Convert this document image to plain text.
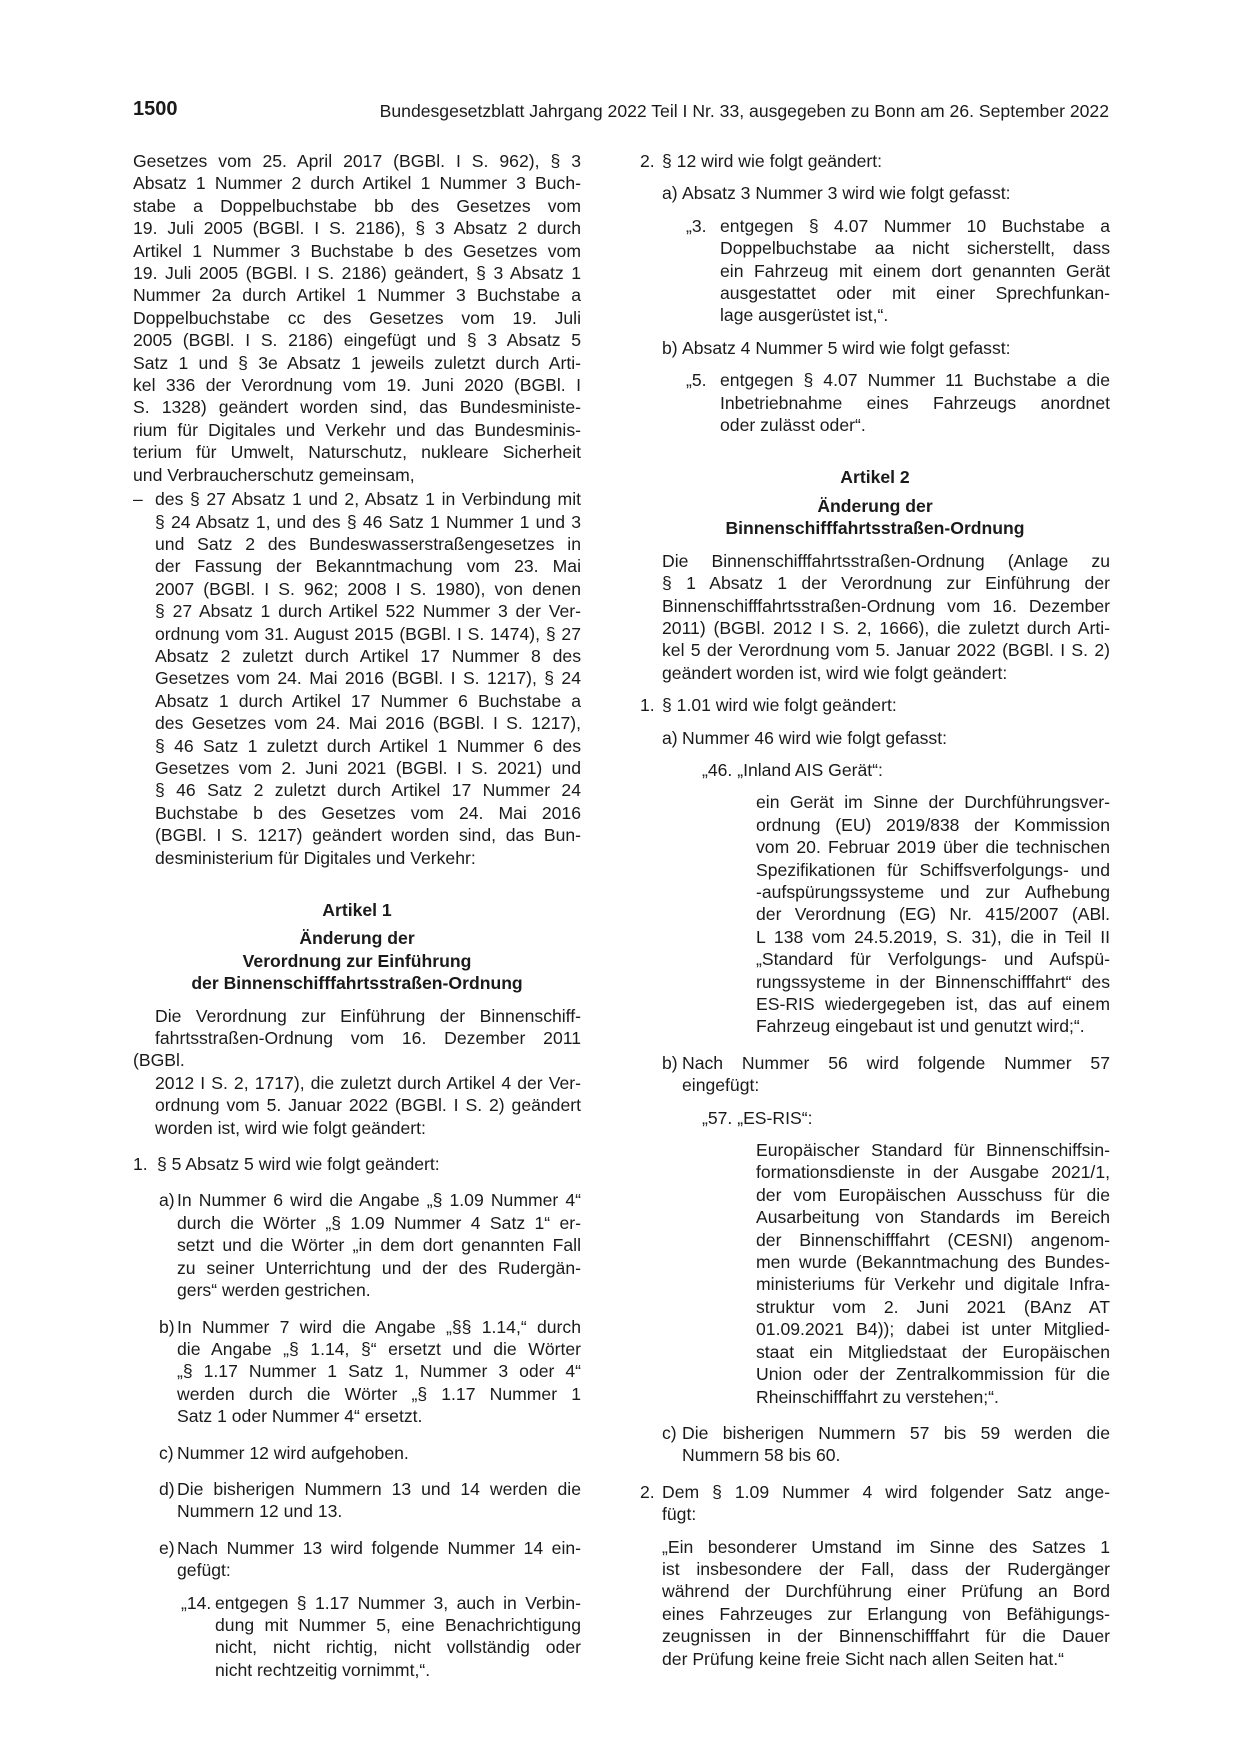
1500	Bundesgesetzblatt Jahrgang 2022 Teil I Nr. 33, ausgegeben zu Bonn am 26. September 2022
Gesetzes vom 25. April 2017 (BGBl. I S. 962), § 3
Absatz 1 Nummer 2 durch Artikel 1 Nummer 3 Buch-
stabe a Doppelbuchstabe bb des Gesetzes vom
19. Juli 2005 (BGBl. I S. 2186), § 3 Absatz 2 durch
Artikel 1 Nummer 3 Buchstabe b des Gesetzes vom
19. Juli 2005 (BGBl. I S. 2186) geändert, § 3 Absatz 1
Nummer 2a durch Artikel 1 Nummer 3 Buchstabe a
Doppelbuchstabe cc des Gesetzes vom 19. Juli
2005 (BGBl. I S. 2186) eingefügt und § 3 Absatz 5
Satz 1 und § 3e Absatz 1 jeweils zuletzt durch Arti-
kel 336 der Verordnung vom 19. Juni 2020 (BGBl. I
S. 1328) geändert worden sind, das Bundesministe-
rium für Digitales und Verkehr und das Bundesminis-
terium für Umwelt, Naturschutz, nukleare Sicherheit
und Verbraucherschutz gemeinsam,
– des § 27 Absatz 1 und 2, Absatz 1 in Verbindung mit
§ 24 Absatz 1, und des § 46 Satz 1 Nummer 1 und 3
und Satz 2 des Bundeswasserstraßengesetzes in
der Fassung der Bekanntmachung vom 23. Mai
2007 (BGBl. I S. 962; 2008 I S. 1980), von denen
§ 27 Absatz 1 durch Artikel 522 Nummer 3 der Ver-
ordnung vom 31. August 2015 (BGBl. I S. 1474), § 27
Absatz 2 zuletzt durch Artikel 17 Nummer 8 des
Gesetzes vom 24. Mai 2016 (BGBl. I S. 1217), § 24
Absatz 1 durch Artikel 17 Nummer 6 Buchstabe a
des Gesetzes vom 24. Mai 2016 (BGBl. I S. 1217),
§ 46 Satz 1 zuletzt durch Artikel 1 Nummer 6 des
Gesetzes vom 2. Juni 2021 (BGBl. I S. 2021) und
§ 46 Satz 2 zuletzt durch Artikel 17 Nummer 24
Buchstabe b des Gesetzes vom 24. Mai 2016
(BGBl. I S. 1217) geändert worden sind, das Bun-
desministerium für Digitales und Verkehr:

Artikel 1

Änderung der
Verordnung zur Einführung
der Binnenschifffahrtsstraßen-Ordnung
Die Verordnung zur Einführung der Binnenschiff-
fahrtsstraßen-Ordnung vom 16. Dezember 2011 (BGBl.
2012 I S. 2, 1717), die zuletzt durch Artikel 4 der Ver-
ordnung vom 5. Januar 2022 (BGBl. I S. 2) geändert
worden ist, wird wie folgt geändert:
1. § 5 Absatz 5 wird wie folgt geändert:
a) In Nummer 6 wird die Angabe „§ 1.09 Nummer 4“
durch die Wörter „§ 1.09 Nummer 4 Satz 1“ er-
setzt und die Wörter „in dem dort genannten Fall
zu seiner Unterrichtung und der des Rudergän-
gers“ werden gestrichen.
b) In Nummer 7 wird die Angabe „§§ 1.14,“ durch
die Angabe „§ 1.14, §“ ersetzt und die Wörter
„§ 1.17 Nummer 1 Satz 1, Nummer 3 oder 4“
werden durch die Wörter „§ 1.17 Nummer 1
Satz 1 oder Nummer 4“ ersetzt.
c) Nummer 12 wird aufgehoben.
d) Die bisherigen Nummern 13 und 14 werden die
Nummern 12 und 13.
e) Nach Nummer 13 wird folgende Nummer 14 ein-
gefügt:
„14. entgegen § 1.17 Nummer 3, auch in Verbin-
dung mit Nummer 5, eine Benachrichtigung
nicht, nicht richtig, nicht vollständig oder
nicht rechtzeitig vornimmt,“.
2. § 12 wird wie folgt geändert:
a) Absatz 3 Nummer 3 wird wie folgt gefasst:
„3. entgegen § 4.07 Nummer 10 Buchstabe a
Doppelbuchstabe aa nicht sicherstellt, dass
ein Fahrzeug mit einem dort genannten Gerät
ausgestattet oder mit einer Sprechfunkan-
lage ausgerüstet ist,“.
b) Absatz 4 Nummer 5 wird wie folgt gefasst:
„5. entgegen § 4.07 Nummer 11 Buchstabe a die
Inbetriebnahme eines Fahrzeugs anordnet
oder zulässt oder“.

Artikel 2

Änderung der
Binnenschifffahrtsstraßen-Ordnung
Die Binnenschifffahrtsstraßen-Ordnung (Anlage zu
§ 1 Absatz 1 der Verordnung zur Einführung der
Binnenschifffahrtsstraßen-Ordnung vom 16. Dezember
2011) (BGBl. 2012 I S. 2, 1666), die zuletzt durch Arti-
kel 5 der Verordnung vom 5. Januar 2022 (BGBl. I S. 2)
geändert worden ist, wird wie folgt geändert:
1. § 1.01 wird wie folgt geändert:
a) Nummer 46 wird wie folgt gefasst:
„46. „Inland AIS Gerät“:
ein Gerät im Sinne der Durchführungsver-
ordnung (EU) 2019/838 der Kommission
vom 20. Februar 2019 über die technischen
Spezifikationen für Schiffsverfolgungs- und
-aufspürungssysteme und zur Aufhebung
der Verordnung (EG) Nr. 415/2007 (ABl.
L 138 vom 24.5.2019, S. 31), die in Teil II
„Standard für Verfolgungs- und Aufspü-
rungssysteme in der Binnenschifffahrt“ des
ES-RIS wiedergegeben ist, das auf einem
Fahrzeug eingebaut ist und genutzt wird;“.
b) Nach Nummer 56 wird folgende Nummer 57
eingefügt:
„57. „ES-RIS“:
Europäischer Standard für Binnenschiffsin-
formationsdienste in der Ausgabe 2021/1,
der vom Europäischen Ausschuss für die
Ausarbeitung von Standards im Bereich
der Binnenschifffahrt (CESNI) angenom-
men wurde (Bekanntmachung des Bundes-
ministeriums für Verkehr und digitale Infra-
struktur vom 2. Juni 2021 (BAnz AT
01.09.2021 B4)); dabei ist unter Mitglied-
staat ein Mitgliedstaat der Europäischen
Union oder der Zentralkommission für die
Rheinschifffahrt zu verstehen;“.
c) Die bisherigen Nummern 57 bis 59 werden die
Nummern 58 bis 60.
2. Dem § 1.09 Nummer 4 wird folgender Satz ange-
fügt:
„Ein besonderer Umstand im Sinne des Satzes 1
ist insbesondere der Fall, dass der Rudergänger
während der Durchführung einer Prüfung an Bord
eines Fahrzeuges zur Erlangung von Befähigungs-
zeugnissen in der Binnenschifffahrt für die Dauer
der Prüfung keine freie Sicht nach allen Seiten hat.“
